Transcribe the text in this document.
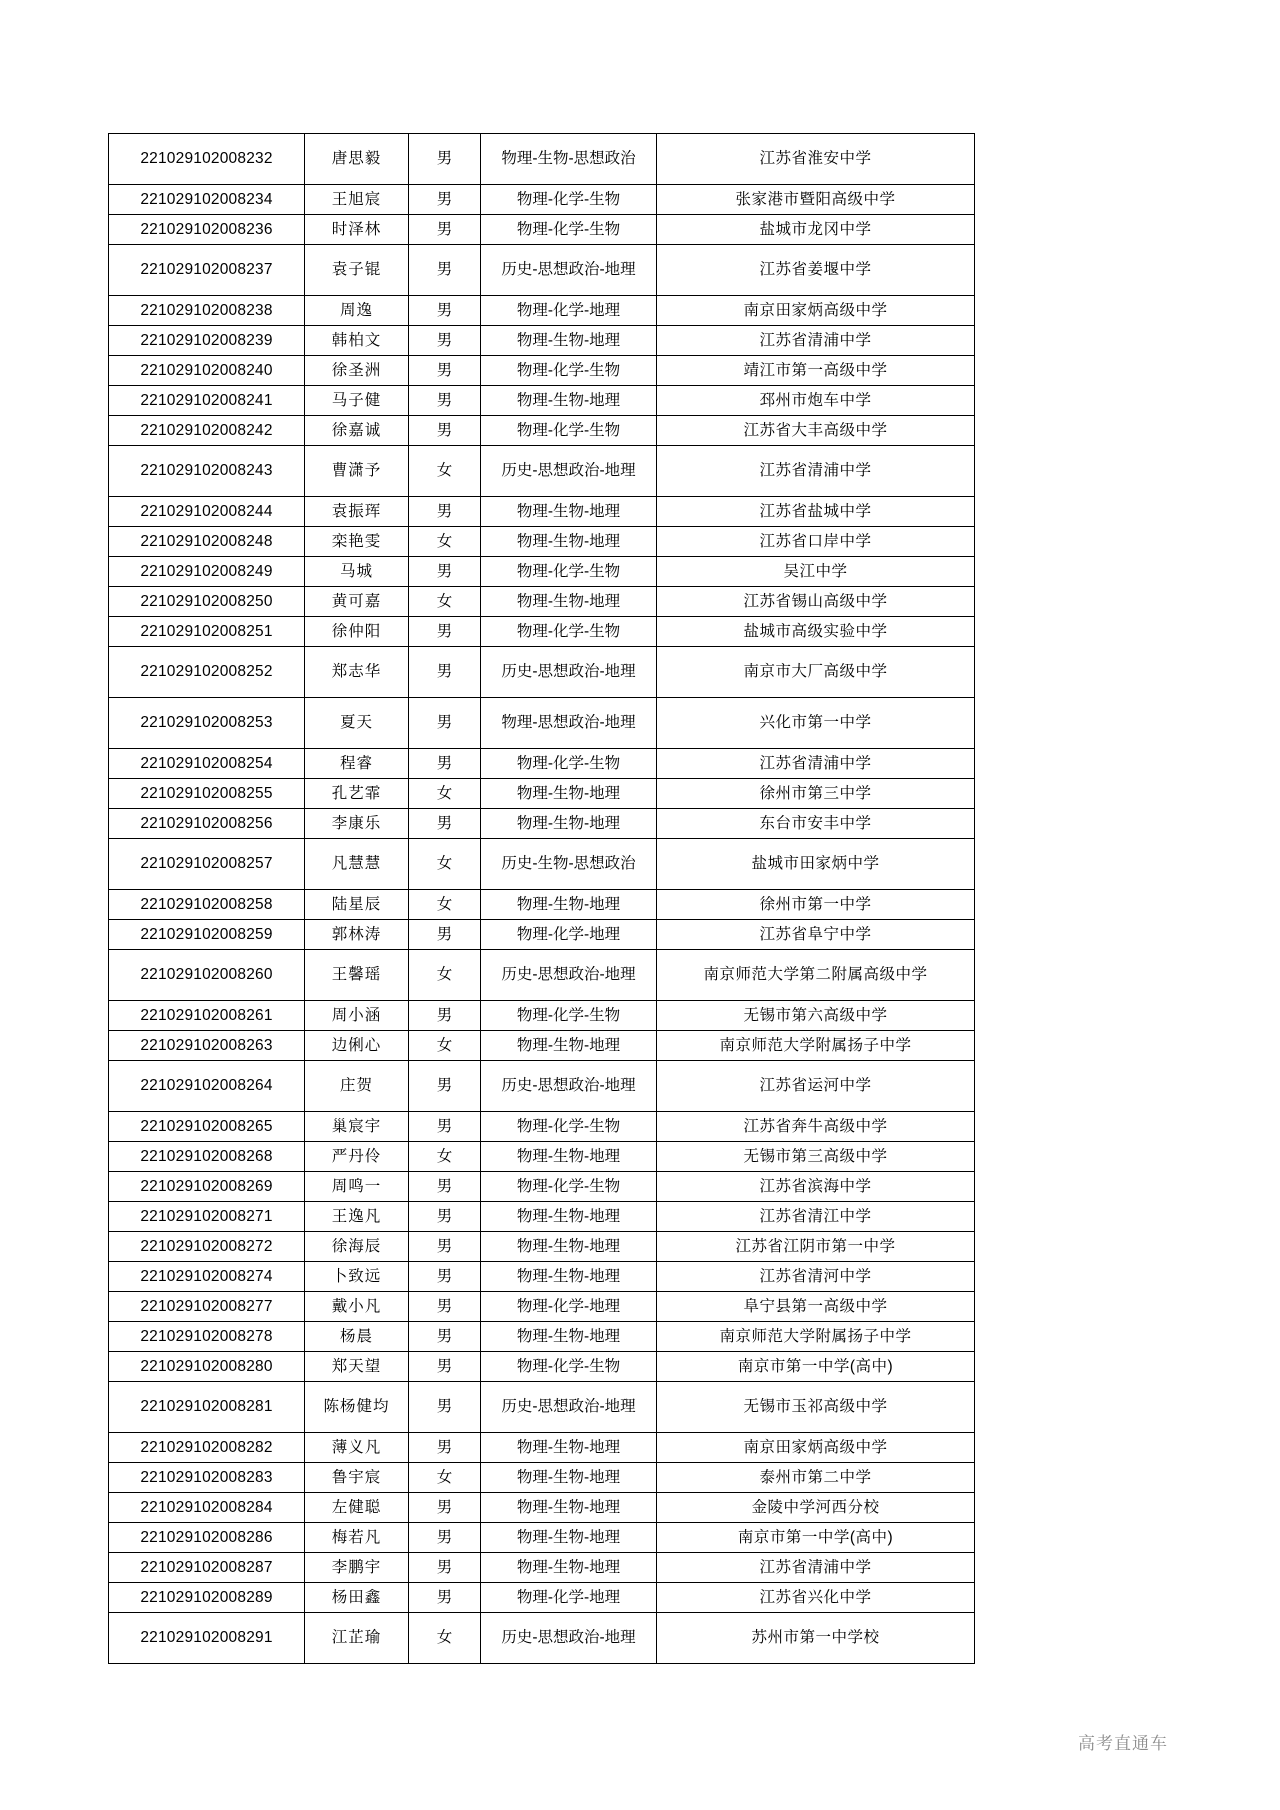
221029102008232	唐思毅	男	物理-生物-思想政治	江苏省淮安中学
221029102008234	王旭宸	男	物理-化学-生物	张家港市暨阳高级中学
221029102008236	时泽林	男	物理-化学-生物	盐城市龙冈中学
221029102008237	袁子锟	男	历史-思想政治-地理	江苏省姜堰中学
221029102008238	周逸	男	物理-化学-地理	南京田家炳高级中学
221029102008239	韩柏文	男	物理-生物-地理	江苏省清浦中学
221029102008240	徐圣洲	男	物理-化学-生物	靖江市第一高级中学
221029102008241	马子健	男	物理-生物-地理	邳州市炮车中学
221029102008242	徐嘉诚	男	物理-化学-生物	江苏省大丰高级中学
221029102008243	曹潇予	女	历史-思想政治-地理	江苏省清浦中学
221029102008244	袁振珲	男	物理-生物-地理	江苏省盐城中学
221029102008248	栾艳雯	女	物理-生物-地理	江苏省口岸中学
221029102008249	马城	男	物理-化学-生物	吴江中学
221029102008250	黄可嘉	女	物理-生物-地理	江苏省锡山高级中学
221029102008251	徐仲阳	男	物理-化学-生物	盐城市高级实验中学
221029102008252	郑志华	男	历史-思想政治-地理	南京市大厂高级中学
221029102008253	夏天	男	物理-思想政治-地理	兴化市第一中学
221029102008254	程睿	男	物理-化学-生物	江苏省清浦中学
221029102008255	孔艺霏	女	物理-生物-地理	徐州市第三中学
221029102008256	李康乐	男	物理-生物-地理	东台市安丰中学
221029102008257	凡慧慧	女	历史-生物-思想政治	盐城市田家炳中学
221029102008258	陆星辰	女	物理-生物-地理	徐州市第一中学
221029102008259	郭林涛	男	物理-化学-地理	江苏省阜宁中学
221029102008260	王馨瑶	女	历史-思想政治-地理	南京师范大学第二附属高级中学
221029102008261	周小涵	男	物理-化学-生物	无锡市第六高级中学
221029102008263	边俐心	女	物理-生物-地理	南京师范大学附属扬子中学
221029102008264	庄贺	男	历史-思想政治-地理	江苏省运河中学
221029102008265	巢宸宇	男	物理-化学-生物	江苏省奔牛高级中学
221029102008268	严丹伶	女	物理-生物-地理	无锡市第三高级中学
221029102008269	周鸣一	男	物理-化学-生物	江苏省滨海中学
221029102008271	王逸凡	男	物理-生物-地理	江苏省清江中学
221029102008272	徐海辰	男	物理-生物-地理	江苏省江阴市第一中学
221029102008274	卜致远	男	物理-生物-地理	江苏省清河中学
221029102008277	戴小凡	男	物理-化学-地理	阜宁县第一高级中学
221029102008278	杨晨	男	物理-生物-地理	南京师范大学附属扬子中学
221029102008280	郑天望	男	物理-化学-生物	南京市第一中学(高中)
221029102008281	陈杨健均	男	历史-思想政治-地理	无锡市玉祁高级中学
221029102008282	薄义凡	男	物理-生物-地理	南京田家炳高级中学
221029102008283	鲁宇宸	女	物理-生物-地理	泰州市第二中学
221029102008284	左健聪	男	物理-生物-地理	金陵中学河西分校
221029102008286	梅若凡	男	物理-生物-地理	南京市第一中学(高中)
221029102008287	李鹏宇	男	物理-生物-地理	江苏省清浦中学
221029102008289	杨田鑫	男	物理-化学-地理	江苏省兴化中学
221029102008291	江芷瑜	女	历史-思想政治-地理	苏州市第一中学校
高考直通车
